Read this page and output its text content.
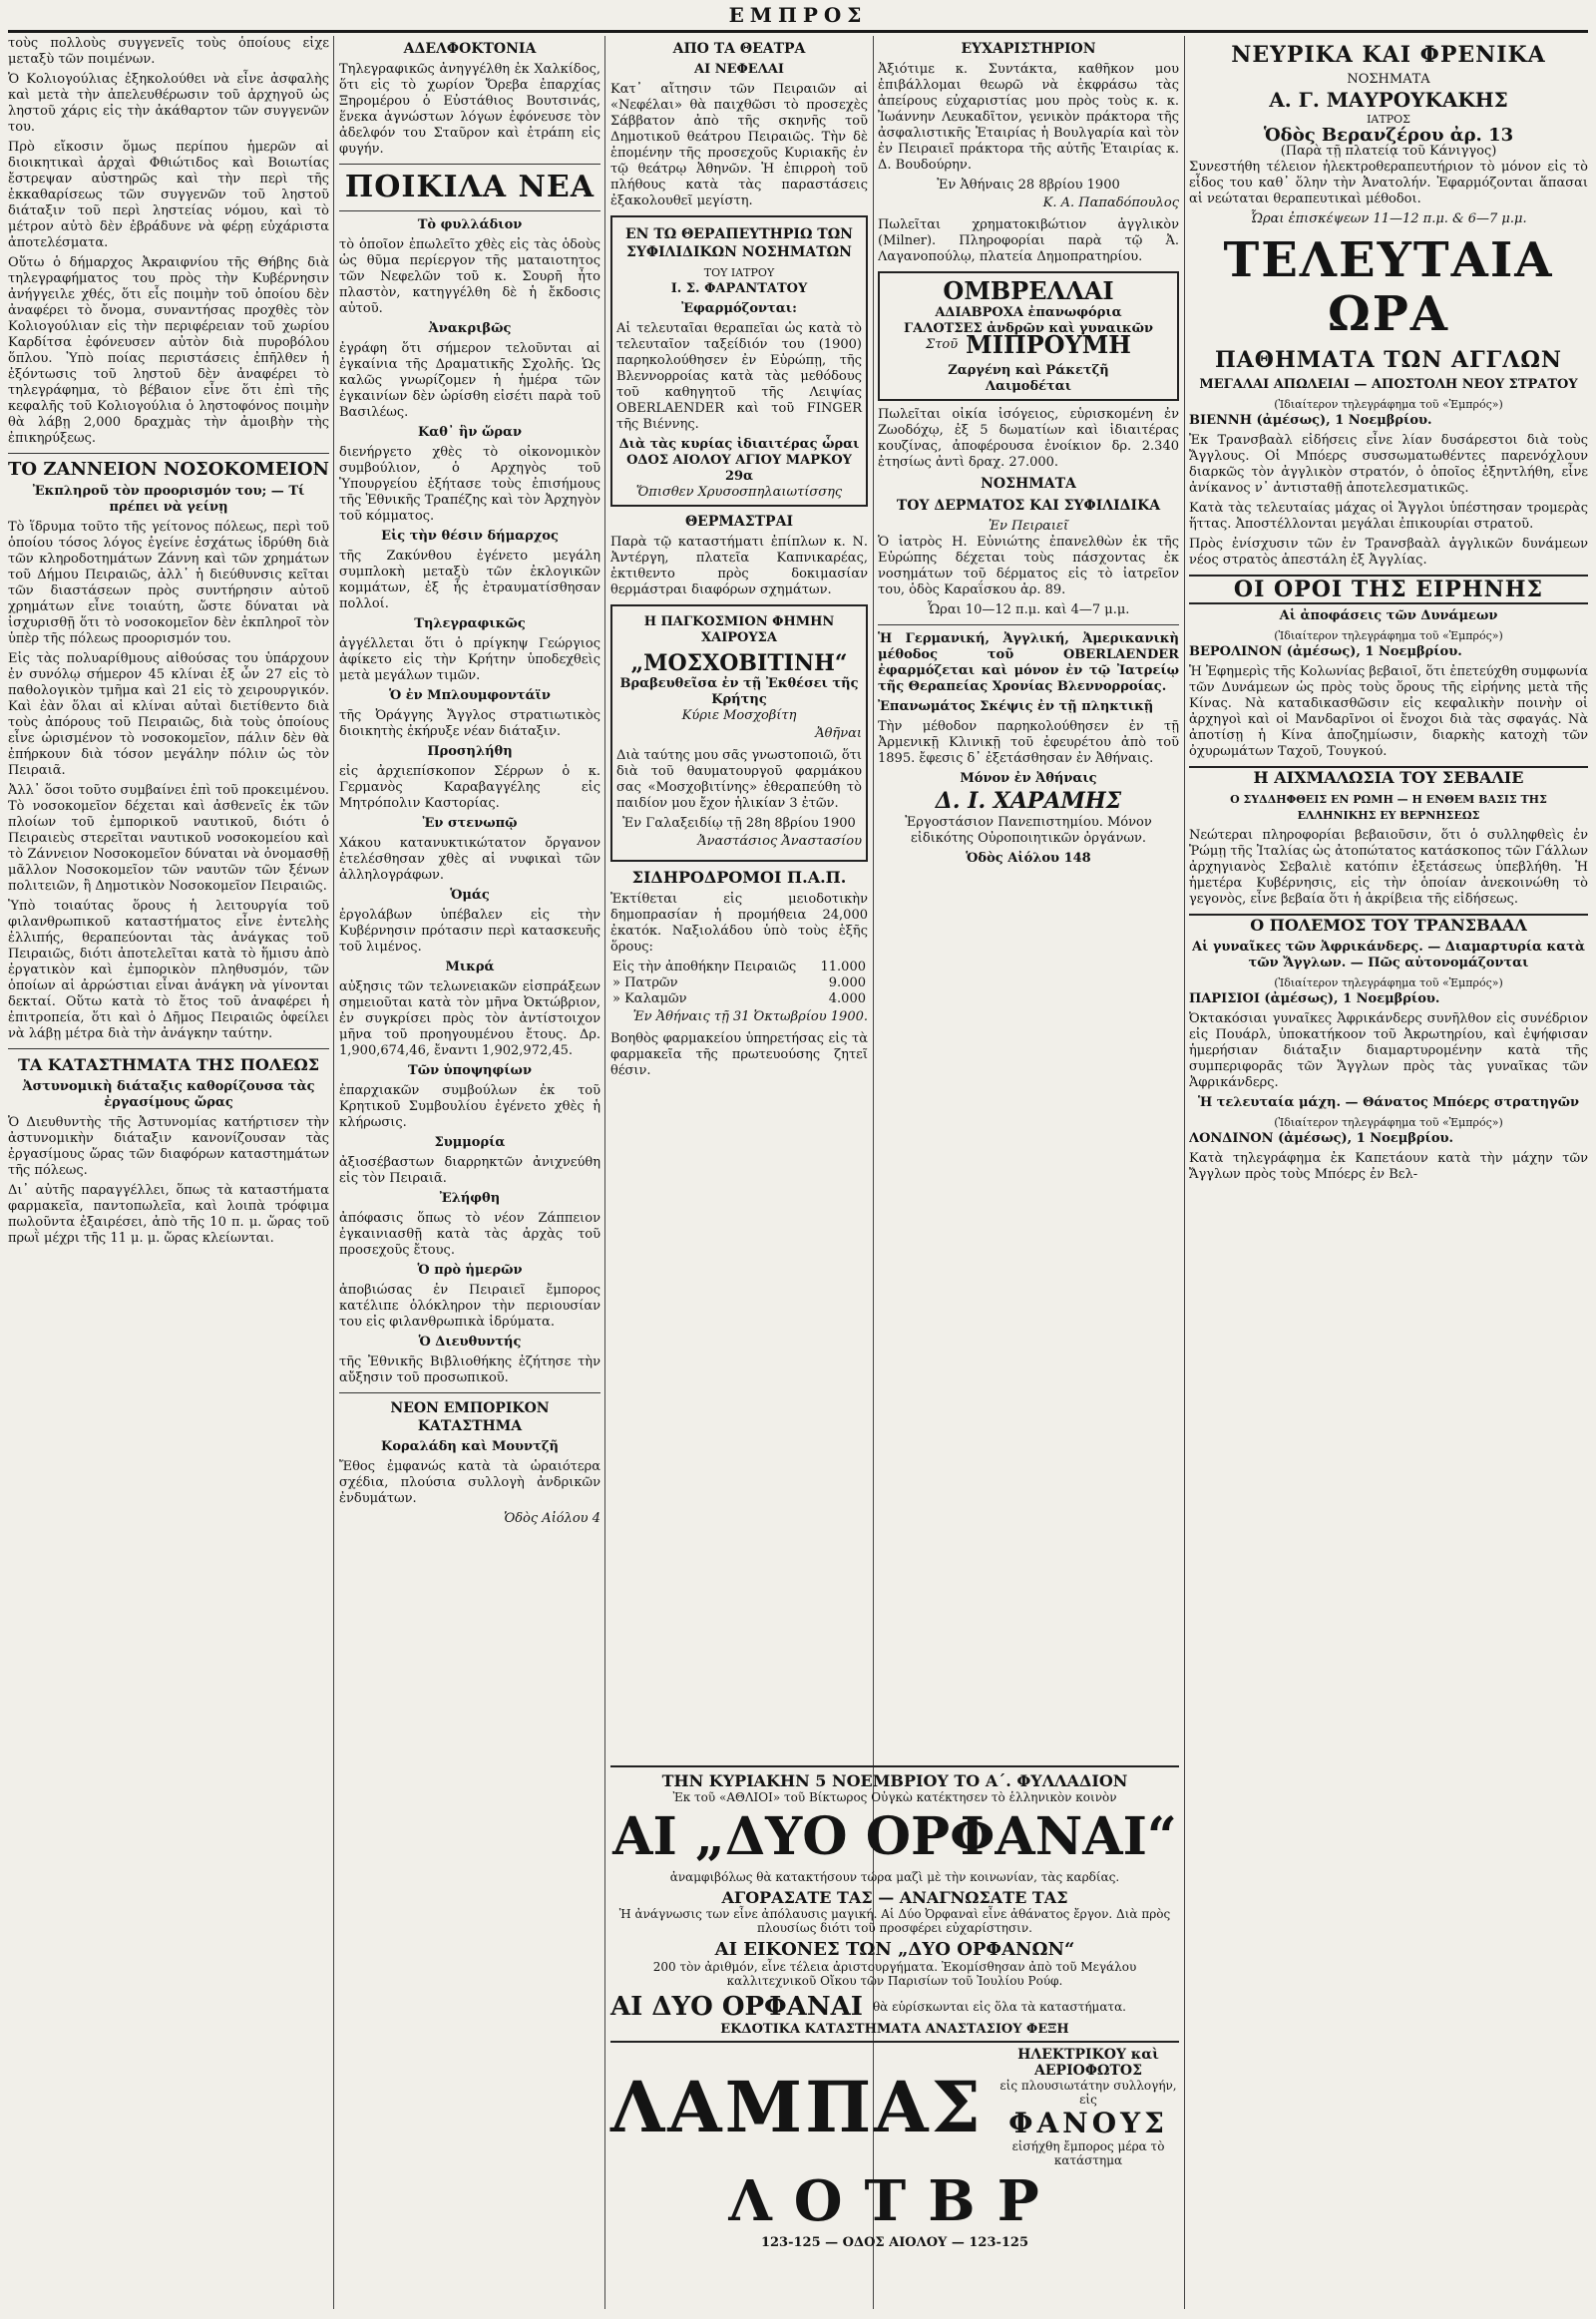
ΕΜΠΡΟΣ

τοὺς πολλοὺς συγγενεῖς τοὺς ὁποίους εἶχε μεταξὺ τῶν ποιμένων.

Ὁ Κολιογούλιας ἐξηκολούθει νὰ εἶνε ἀσφαλὴς καὶ μετὰ τὴν ἀπελευθέρωσιν τοῦ ἀρχηγοῦ ὡς ληστοῦ χάρις εἰς τὴν ἀκάθαρτον τῶν συγγενῶν του.

Πρὸ εἴκοσιν ὅμως περίπου ἡμερῶν αἱ διοικητικαὶ ἀρχαὶ Φθιώτιδος καὶ Βοιωτίας ἔστρεψαν αὐστηρῶς καὶ τὴν περὶ τῆς ἐκκαθαρίσεως τῶν συγγενῶν τοῦ ληστοῦ διάταξιν τοῦ περὶ ληστείας νόμου, καὶ τὸ μέτρον αὐτὸ δὲν ἐβράδυνε νὰ φέρῃ εὐχάριστα ἀποτελέσματα.

Οὕτω ὁ δήμαρχος Ἀκραιφνίου τῆς Θήβης διὰ τηλεγραφήματος του πρὸς τὴν Κυβέρνησιν ἀνήγγειλε χθές, ὅτι εἷς ποιμὴν τοῦ ὁποίου δὲν ἀναφέρει τὸ ὄνομα, συναντήσας προχθὲς τὸν Κολιογούλιαν εἰς τὴν περιφέρειαν τοῦ χωρίου Καρδίτσα ἐφόνευσεν αὐτὸν διὰ πυροβόλου ὅπλου. Ὑπὸ ποίας περιστάσεις ἐπῆλθεν ἡ ἐξόντωσις τοῦ ληστοῦ δὲν ἀναφέρει τὸ τηλεγράφημα, τὸ βέβαιον εἶνε ὅτι ἐπὶ τῆς κεφαλῆς τοῦ Κολιογούλια ὁ ληστοφόνος ποιμὴν θὰ λάβῃ 2,000 δραχμὰς τὴν ἀμοιβὴν τὴς ἐπικηρύξεως.

ΤΟ ΖΑΝΝΕΙΟΝ ΝΟΣΟΚΟΜΕΙΟΝ
Ἐκπληροῦ τὸν προορισμόν του; — Τί πρέπει νὰ γείνῃ

Τὸ ἵδρυμα τοῦτο τῆς γείτονος πόλεως, περὶ τοῦ ὁποίου τόσος λόγος ἐγείνε ἐσχάτως ἱδρύθη διὰ τῶν κληροδοτημάτων Ζάννη καὶ τῶν χρημάτων τοῦ Δήμου Πειραιῶς, ἀλλ᾽ ἡ διεύθυνσις κεῖται τῶν διαστάσεων πρὸς συντήρησιν αὐτοῦ χρημάτων εἶνε τοιαύτη, ὥστε δύναται νὰ ἰσχυρισθῇ ὅτι τὸ νοσοκομεῖον δὲν ἐκπληροῖ τὸν ὑπὲρ τῆς πόλεως προορισμόν του.

Εἰς τὰς πολυαρίθμους αἰθούσας του ὑπάρχουν ἐν συνόλῳ σήμερον 45 κλίναι ἐξ ὧν 27 εἰς τὸ παθολογικὸν τμῆμα καὶ 21 εἰς τὸ χειρουργικόν. Καὶ ἐὰν ὅλαι αἱ κλίναι αὐταὶ διετίθεντο διὰ τοὺς ἀπόρους τοῦ Πειραιῶς, διὰ τοὺς ὁποίους εἶνε ὡρισμένον τὸ νοσοκομεῖον, πάλιν δὲν θὰ ἐπήρκουν διὰ τόσον μεγάλην πόλιν ὡς τὸν Πειραιᾶ.

Ἀλλ᾽ ὅσοι τοῦτο συμβαίνει ἐπὶ τοῦ προκειμένου. Τὸ νοσοκομεῖον δέχεται καὶ ἀσθενεῖς ἐκ τῶν πλοίων τοῦ ἐμπορικοῦ ναυτικοῦ, διότι ὁ Πειραιεὺς στερεῖται ναυτικοῦ νοσοκομείου καὶ τὸ Ζάννειον Νοσοκομεῖον δύναται νὰ ὀνομασθῇ μᾶλλον Νοσοκομεῖον τῶν ναυτῶν τῶν ξένων πολιτειῶν, ἢ Δημοτικὸν Νοσοκομεῖον Πειραιῶς.

Ὑπὸ τοιαύτας ὅρους ἡ λειτουργία τοῦ φιλανθρωπικοῦ καταστήματος εἶνε ἐντελὴς ἐλλιπής, θεραπεύονται τὰς ἀνάγκας τοῦ Πειραιῶς, διότι ἀποτελεῖται κατὰ τὸ ἥμισυ ἀπὸ ἐργατικὸν καὶ ἐμπορικὸν πληθυσμόν, τῶν ὁποίων αἱ ἀρρώστιαι εἶναι ἀνάγκη νὰ γίνονται δεκταί. Οὕτω κατὰ τὸ ἔτος τοῦ ἀναφέρει ἡ ἐπιτροπεία, ὅτι καὶ ὁ Δῆμος Πειραιῶς ὀφείλει νὰ λάβῃ μέτρα διὰ τὴν ἀνάγκην ταύτην.

ΤΑ ΚΑΤΑΣΤΗΜΑΤΑ ΤΗΣ ΠΟΛΕΩΣ
Ἀστυνομικὴ διάταξις καθορίζουσα τὰς ἐργασίμους ὥρας

Ὁ Διευθυντὴς τῆς Ἀστυνομίας κατήρτισεν τὴν ἀστυνομικὴν διάταξιν κανονίζουσαν τὰς ἐργασίμους ὥρας τῶν διαφόρων καταστημάτων τῆς πόλεως.

Δι᾽ αὐτῆς παραγγέλλει, ὅπως τὰ καταστήματα φαρμακεῖα, παντοπωλεῖα, καὶ λοιπὰ τρόφιμα πωλοῦντα ἐξαιρέσει, ἀπὸ τῆς 10 π. μ. ὥρας τοῦ πρωῒ μέχρι τῆς 11 μ. μ. ὥρας κλείωνται.

ΑΔΕΛΦΟΚΤΟΝΙΑ

Τηλεγραφικῶς ἀνηγγέλθη ἐκ Χαλκίδος, ὅτι εἰς τὸ χωρίον Ὄρεβα ἐπαρχίας Ξηρομέρου ὁ Εὐστάθιος Βουτσινάς, ἕνεκα ἀγνώστων λόγων ἐφόνευσε τὸν ἀδελφόν του Σταῦρον καὶ ἐτράπη εἰς φυγήν.

ΠΟΙΚΙΛΑ ΝΕΑ
Τὸ φυλλάδιον

τὸ ὁποῖον ἐπωλεῖτο χθὲς εἰς τὰς ὁδοὺς ὡς θῦμα περίεργον τῆς ματαιοτητος τῶν Νεφελῶν τοῦ κ. Σουρῆ ἦτο πλαστὸν, κατηγγέλθη δὲ ἡ ἔκδοσις αὐτοῦ.

Ἀνακριβῶς

ἐγράφη ὅτι σήμερον τελοῦνται αἱ ἐγκαίνια τῆς Δραματικῆς Σχολῆς. Ὡς καλῶς γνωρίζομεν ἡ ἡμέρα τῶν ἐγκαινίων δὲν ὡρίσθη εἰσέτι παρὰ τοῦ Βασιλέως.

Καθ᾽ ἣν ὥραν

διενήργετο χθὲς τὸ οἰκονομικὸν συμβούλιον, ὁ Αρχηγὸς τοῦ Ὑπουργείου ἐξήτασε τοὺς ἐπισήμους τῆς Ἐθνικῆς Τραπέζης καὶ τὸν Ἀρχηγὸν τοῦ κόμματος.

Εἰς τὴν θέσιν δήμαρχος

τῆς Ζακύνθου ἐγένετο μεγάλη συμπλοκὴ μεταξὺ τῶν ἐκλογικῶν κομμάτων, ἐξ ἧς ἐτραυματίσθησαν πολλοί.

Τηλεγραφικῶς

ἀγγέλλεται ὅτι ὁ πρίγκηψ Γεώργιος ἀφίκετο εἰς τὴν Κρήτην ὑποδεχθεὶς μετὰ μεγάλων τιμῶν.

Ὁ ἐν Μπλουμφοντάϊν

τῆς Ὀράγγης Ἄγγλος στρατιωτικὸς διοικητὴς ἐκήρυξε νέαν διάταξιν.

Προσηλήθη

εἰς ἀρχιεπίσκοπον Σέρρων ὁ κ. Γερμανὸς Καραβαγγέλης εἰς Μητρόπολιν Καστορίας.

Ἐν στενωπῷ

Χάκου κατανυκτικώτατον ὄργανον ἐτελέσθησαν χθὲς αἱ νυφικαὶ τῶν ἀλληλογράφων.

Ὁμάς

ἐργολάβων ὑπέβαλεν εἰς τὴν Κυβέρνησιν πρότασιν περὶ κατασκευῆς τοῦ λιμένος.

Μικρά

αὐξησις τῶν τελωνειακῶν εἰσπράξεων σημειοῦται κατὰ τὸν μῆνα Ὀκτώβριον, ἐν συγκρίσει πρὸς τὸν ἀντίστοιχον μῆνα τοῦ προηγουμένου ἔτους. Δρ. 1,900,674,46, ἔναντι 1,902,972,45.

Τῶν ὑποψηφίων

ἐπαρχιακῶν συμβούλων ἐκ τοῦ Κρητικοῦ Συμβουλίου ἐγένετο χθὲς ἡ κλήρωσις.

Συμμορία

ἀξιοσέβαστων διαρρηκτῶν ἀνιχνεύθη εἰς τὸν Πειραιᾶ.

Ἐλήφθη

ἀπόφασις ὅπως τὸ νέον Ζάππειον ἐγκαινιασθῇ κατὰ τὰς ἀρχὰς τοῦ προσεχοῦς ἔτους.

Ὁ πρὸ ἡμερῶν

ἀποβιώσας ἐν Πειραιεῖ ἔμπορος κατέλιπε ὁλόκληρον τὴν περιουσίαν του εἰς φιλανθρωπικὰ ἱδρύματα.

Ὁ Διευθυντής

τῆς Ἐθνικῆς Βιβλιοθήκης ἐζήτησε τὴν αὔξησιν τοῦ προσωπικοῦ.

ΝΕΟΝ ΕΜΠΟΡΙΚΟΝ ΚΑΤΑΣΤΗΜΑ
Κοραλάδη καὶ Μουντζῆ

Ἔθος ἐμφανώς κατὰ τὰ ὡραιότερα σχέδια, πλούσια συλλογὴ ἀνδρικῶν ἐνδυμάτων.

Ὁδὸς Αἰόλου 4
ΑΠΟ ΤΑ ΘΕΑΤΡΑ
ΑΙ ΝΕΦΕΛΑΙ

Κατ᾽ αἴτησιν τῶν Πειραιῶν αἱ «Νεφέλαι» θὰ παιχθῶσι τὸ προσεχὲς Σάββατον ἀπὸ τῆς σκηνῆς τοῦ Δημοτικοῦ θεάτρου Πειραιῶς. Τὴν δὲ ἑπομένην τῆς προσεχοῦς Κυριακῆς ἐν τῷ θεάτρῳ Ἀθηνῶν. Ἡ ἐπιρροὴ τοῦ πλήθους κατὰ τὰς παραστάσεις ἐξακολουθεῖ μεγίστη.

ΕΝ ΤΩ ΘΕΡΑΠΕΥΤΗΡΙΩ ΤΩΝ ΣΥΦΙΛΙΔΙΚΩΝ ΝΟΣΗΜΑΤΩΝ
ΤΟΥ ΙΑΤΡΟΥ
Ι. Σ. ΦΑΡΑΝΤΑΤΟΥ
Ἐφαρμόζονται:

Αἱ τελευταῖαι θεραπεῖαι ὡς κατὰ τὸ τελευταῖον ταξείδιόν του (1900) παρηκολούθησεν ἐν Εὐρώπῃ, τῆς Βλεννορροίας κατὰ τὰς μεθόδους τοῦ καθηγητοῦ τῆς Λειψίας OBERLAENDER καὶ τοῦ FINGER τῆς Βιέννης.

Διὰ τὰς κυρίας ἰδιαιτέρας ὧραι
ΟΔΟΣ ΑΙΟΛΟΥ ΑΓΙΟΥ ΜΑΡΚΟΥ 29α
Ὅπισθεν Χρυσοσπηλαιωτίσσης
ΘΕΡΜΑΣΤΡΑΙ

Παρὰ τῷ καταστήματι ἐπίπλων κ. Ν. Ἀντέργη, πλατεῖα Καπνικαρέας, ἐκτιθεντο πρὸς δοκιμασίαν θερμάστραι διαφόρων σχημάτων.

Η ΠΑΓΚΟΣΜΙΟΝ ΦΗΜΗΝ ΧΑΙΡΟΥΣΑ
„ΜΟΣΧΟΒΙΤΙΝΗ“
Βραβευθεῖσα ἐν τῇ Ἐκθέσει τῆς Κρήτης
Κύριε Μοσχοβίτη
Ἀθῆναι

Διὰ ταύτης μου σᾶς γνωστοποιῶ, ὅτι διὰ τοῦ θαυματουργοῦ φαρμάκου σας «Μοσχοβιτίνης» ἐθεραπεύθη τὸ παιδίον μου ἔχον ἡλικίαν 3 ἐτῶν.

Ἐν Γαλαξειδίῳ τῇ 28η 8βρίου 1900
Ἀναστάσιος Ἀναστασίου
ΣΙΔΗΡΟΔΡΟΜΟΙ Π.Α.Π.

Ἐκτίθεται εἰς μειοδοτικὴν δημοπρασίαν ἡ προμήθεια 24,000 ἐκατόκ. Ναξιολάδου ὑπὸ τοὺς ἑξῆς ὅρους:

Εἰς τὴν ἀποθήκην Πειραιῶς	11.000
» Πατρῶν	9.000
» Καλαμῶν	4.000
Ἐν Ἀθήναις τῇ 31 Ὀκτωβρίου 1900.

Βοηθὸς φαρμακείου ὑπηρετήσας εἰς τὰ φαρμακεῖα τῆς πρωτευούσης ζητεῖ θέσιν.

ΕΥΧΑΡΙΣΤΗΡΙΟΝ

Ἀξιότιμε κ. Συντάκτα, καθῆκον μου ἐπιβάλλομαι θεωρῶ νὰ ἐκφράσω τὰς ἀπείρους εὐχαριστίας μου πρὸς τοὺς κ. κ. Ἰωάννην Λευκαδῖτον, γενικὸν πράκτορα τῆς ἀσφαλιστικῆς Ἑταιρίας ἡ Βουλγαρία καὶ τὸν ἐν Πειραιεῖ πράκτορα τῆς αὐτῆς Ἑταιρίας κ. Δ. Βουδούρην.

Ἐν Ἀθήναις 28 8βρίου 1900
Κ. Α. Παπαδόπουλος

Πωλεῖται χρηματοκιβώτιον ἀγγλικὸν (Milner). Πληροφορίαι παρὰ τῷ Ἀ. Λαγανοπούλῳ, πλατεία Δημοπρατηρίου.

ΟΜΒΡΕΛΛΑΙ
ΑΔΙΑΒΡΟΧΑ ἐπανωφόρια
ΓΑΛΟΤΣΕΣ ἀνδρῶν καὶ γυναικῶν
Στοῦ ΜΙΠΡΟΥΜΗ
Ζαργένη καὶ Ράκετζῆ
Λαιμοδέται

Πωλεῖται οἰκία ἰσόγειος, εὑρισκομένη ἐν Ζωοδόχῳ, ἐξ 5 δωματίων καὶ ἰδιαιτέρας κουζίνας, ἀποφέρουσα ἐνοίκιον δρ. 2.340 ἐτησίως ἀντὶ δραχ. 27.000.

ΝΟΣΗΜΑΤΑ
ΤΟΥ ΔΕΡΜΑΤΟΣ ΚΑΙ ΣΥΦΙΛΙΔΙΚΑ
Ἐν Πειραιεῖ

Ὁ ἰατρὸς Η. Εὐνιώτης ἐπανελθὼν ἐκ τῆς Εὐρώπης δέχεται τοὺς πάσχοντας ἐκ νοσημάτων τοῦ δέρματος εἰς τὸ ἰατρεῖον του, ὁδὸς Καραΐσκου ἀρ. 89.

Ὧραι 10—12 π.μ. καὶ 4—7 μ.μ.

Ἡ Γερμανική, Ἀγγλική, Ἀμερικανικὴ μέθοδος τοῦ OBERLAENDER ἐφαρμόζεται καὶ μόνον ἐν τῷ Ἰατρείῳ τῆς Θεραπείας Χρονίας Βλεννορροίας.

Ἐπανωμάτος Σκέψις ἐν τῇ πληκτικῇ

Τὴν μέθοδον παρηκολούθησεν ἐν τῇ Ἀρμενικῇ Κλινικῇ τοῦ ἐφευρέτου ἀπὸ τοῦ 1895. ἔφεσις δ᾽ ἐξετάσθησαν ἐν Ἀθήναις.

Μόνον ἐν Ἀθήναις
Δ. Ι. ΧΑΡΑΜΗΣ

Ἐργοστάσιον Πανεπιστημίου. Μόνον εἰδικότης Οὐροποιητικῶν ὀργάνων.

Ὁδὸς Αἰόλου 148
ΝΕΥΡΙΚΑ ΚΑΙ ΦΡΕΝΙΚΑ
ΝΟΣΗΜΑΤΑ
Α. Γ. ΜΑΥΡΟΥΚΑΚΗΣ
ΙΑΤΡΟΣ
Ὁδὸς Βερανζέρου ἀρ. 13
(Παρὰ τῇ πλατείᾳ τοῦ Κάνιγγος)

Συνεστήθη τέλειον ἠλεκτροθεραπευτήριον τὸ μόνον εἰς τὸ εἶδος του καθ᾽ ὅλην τὴν Ἀνατολήν. Ἐφαρμόζονται ἅπασαι αἱ νεώταται θεραπευτικαὶ μέθοδοι.

Ὧραι ἐπισκέψεων 11—12 π.μ. & 6—7 μ.μ.
ΤΕΛΕΥΤΑΙΑ ΩΡΑ
ΠΑΘΗΜΑΤΑ ΤΩΝ ΑΓΓΛΩΝ
ΜΕΓΑΛΑΙ ΑΠΩΛΕΙΑΙ — ΑΠΟΣΤΟΛΗ ΝΕΟΥ ΣΤΡΑΤΟΥ
(Ἰδιαίτερον τηλεγράφημα τοῦ «Ἐμπρός»)

ΒΙΕΝΝΗ (ἀμέσως), 1 Νοεμβρίου.

Ἐκ Τρανσβαὰλ εἰδήσεις εἶνε λίαν δυσάρεστοι διὰ τοὺς Ἄγγλους. Οἱ Μπόερς συσσωματωθέντες παρενόχλουν διαρκῶς τὸν ἀγγλικὸν στρατόν, ὁ ὁποῖος ἐξηντλήθη, εἶνε ἀνίκανος ν᾽ ἀντισταθῇ ἀποτελεσματικῶς.

Κατὰ τὰς τελευταίας μάχας οἱ Ἄγγλοι ὑπέστησαν τρομερὰς ἥττας. Ἀποστέλλονται μεγάλαι ἐπικουρίαι στρατοῦ.

Πρὸς ἐνίσχυσιν τῶν ἐν Τρανσβαὰλ ἀγγλικῶν δυνάμεων νέος στρατὸς ἀπεστάλη ἐξ Ἀγγλίας.

ΟΙ ΟΡΟΙ ΤΗΣ ΕΙΡΗΝΗΣ
Αἱ ἀποφάσεις τῶν Δυνάμεων
(Ἰδιαίτερον τηλεγράφημα τοῦ «Ἐμπρός»)

ΒΕΡΟΛΙΝΟΝ (ἀμέσως), 1 Νοεμβρίου.

Ἡ Ἐφημερὶς τῆς Κολωνίας βεβαιοῖ, ὅτι ἐπετεύχθη συμφωνία τῶν Δυνάμεων ὡς πρὸς τοὺς ὅρους τῆς εἰρήνης μετὰ τῆς Κίνας. Νὰ καταδικασθῶσιν εἰς κεφαλικὴν ποινὴν οἱ ἀρχηγοὶ καὶ οἱ Μανδαρῖνοι οἱ ἔνοχοι διὰ τὰς σφαγάς. Νὰ ἀποτίσῃ ἡ Κίνα ἀποζημίωσιν, διαρκὴς κατοχὴ τῶν ὀχυρωμάτων Ταχοῦ, Τουγκού.

Η ΑΙΧΜΑΛΩΣΙΑ ΤΟΥ ΣΕΒΑΛΙΕ
Ο ΣΥΔΔΗΦΘΕΙΣ ΕΝ ΡΩΜΗ — Η ΕΝΘΕΜ ΒΑΣΙΣ ΤΗΣ ΕΛΛΗΝΙΚΗΣ ΕΥ ΒΕΡΝΗΣΕΩΣ

Νεώτεραι πληροφορίαι βεβαιοῦσιν, ὅτι ὁ συλληφθεὶς ἐν Ῥώμῃ τῆς Ἰταλίας ὡς ἀτοπώτατος κατάσκοπος τῶν Γάλλων ἀρχηγιανὸς Σεβαλιὲ κατόπιν ἐξετάσεως ὑπεβλήθη. Ἡ ἡμετέρα Κυβέρνησις, εἰς τὴν ὁποίαν ἀνεκοινώθη τὸ γεγονὸς, εἶνε βεβαία ὅτι ἡ ἀκρίβεια τῆς εἰδήσεως.

Ο ΠΟΛΕΜΟΣ ΤΟΥ ΤΡΑΝΣΒΑΑΛ
Αἱ γυναῖκες τῶν Ἀφρικάνδερς. — Διαμαρτυρία κατὰ τῶν Ἄγγλων. — Πῶς αὐτονομάζονται
(Ἰδιαίτερον τηλεγράφημα τοῦ «Ἐμπρός»)

ΠΑΡΙΣΙΟΙ (ἀμέσως), 1 Νοεμβρίου.

Ὀκτακόσιαι γυναῖκες Ἀφρικάνδερς συνῆλθον εἰς συνέδριον εἰς Πουάρλ, ὑποκατήκοον τοῦ Ἀκρωτηρίου, καὶ ἐψήφισαν ἡμερήσιαν διάταξιν διαμαρτυρομένην κατὰ τῆς συμπεριφορᾶς τῶν Ἄγγλων πρὸς τὰς γυναῖκας τῶν Ἀφρικάνδερς.

Ἡ τελευταία μάχη. — Θάνατος Μπόερς στρατηγῶν
(Ἰδιαίτερον τηλεγράφημα τοῦ «Ἐμπρός»)

ΛΟΝΔΙΝΟΝ (ἀμέσως), 1 Νοεμβρίου.

Κατὰ τηλεγράφημα ἐκ Καπετάουν κατὰ τὴν μάχην τῶν Ἄγγλων πρὸς τοὺς Μπόερς ἐν Βελ-

ΤΗΝ ΚΥΡΙΑΚΗΝ 5 ΝΟΕΜΒΡΙΟΥ ΤΟ Α΄. ΦΥΛΛΑΔΙΟΝ
Ἐκ τοῦ «ΑΘΛΙΟΙ» τοῦ Βίκτωρος Οὐγκὼ κατέκτησεν τὸ ἑλληνικὸν κοινὸν
ΑΙ „ΔΥΟ ΟΡΦΑΝΑΙ“
ἀναμφιβόλως θὰ κατακτήσουν τώρα μαζὶ μὲ τὴν κοινωνίαν, τὰς καρδίας.
ΑΓΟΡΑΣΑΤΕ ΤΑΣ — ΑΝΑΓΝΩΣΑΤΕ ΤΑΣ
Ἡ ἀνάγνωσις των εἶνε ἀπόλαυσις μαγική. Αἱ Δύο Ὀρφαναὶ εἶνε ἀθάνατος ἔργον. Διὰ πρὸς πλουσίως διότι τοῦ προσφέρει εὐχαρίστησιν.
ΑΙ ΕΙΚΟΝΕΣ ΤΩΝ „ΔΥΟ ΟΡΦΑΝΩΝ“
200 τὸν ἀριθμόν, εἶνε τέλεια ἀριστουργήματα. Ἐκομίσθησαν ἀπὸ τοῦ Μεγάλου καλλιτεχνικοῦ Οἴκου τῶν Παρισίων τοῦ Ἰουλίου Ρούφ.
ΑΙ ΔΥΟ ΟΡΦΑΝΑΙ θὰ εὑρίσκωνται εἰς ὅλα τὰ καταστήματα.
ΕΚΔΟΤΙΚΑ ΚΑΤΑΣΤΗΜΑΤΑ ΑΝΑΣΤΑΣΙΟΥ ΦΕΞΗ
ΛΑΜΠΑΣ
ΗΛΕΚΤΡΙΚΟΥ καὶ ΑΕΡΙΟΦΩΤΟΣ
εἰς πλουσιωτάτην συλλογήν, εἰς
ΦΑΝΟΥΣ
εἰσήχθη ἔμπορος μέρα τὸ κατάστημα
ΛΟΤΒΡ
123-125 — ΟΔΟΣ ΑΙΟΛΟΥ — 123-125
